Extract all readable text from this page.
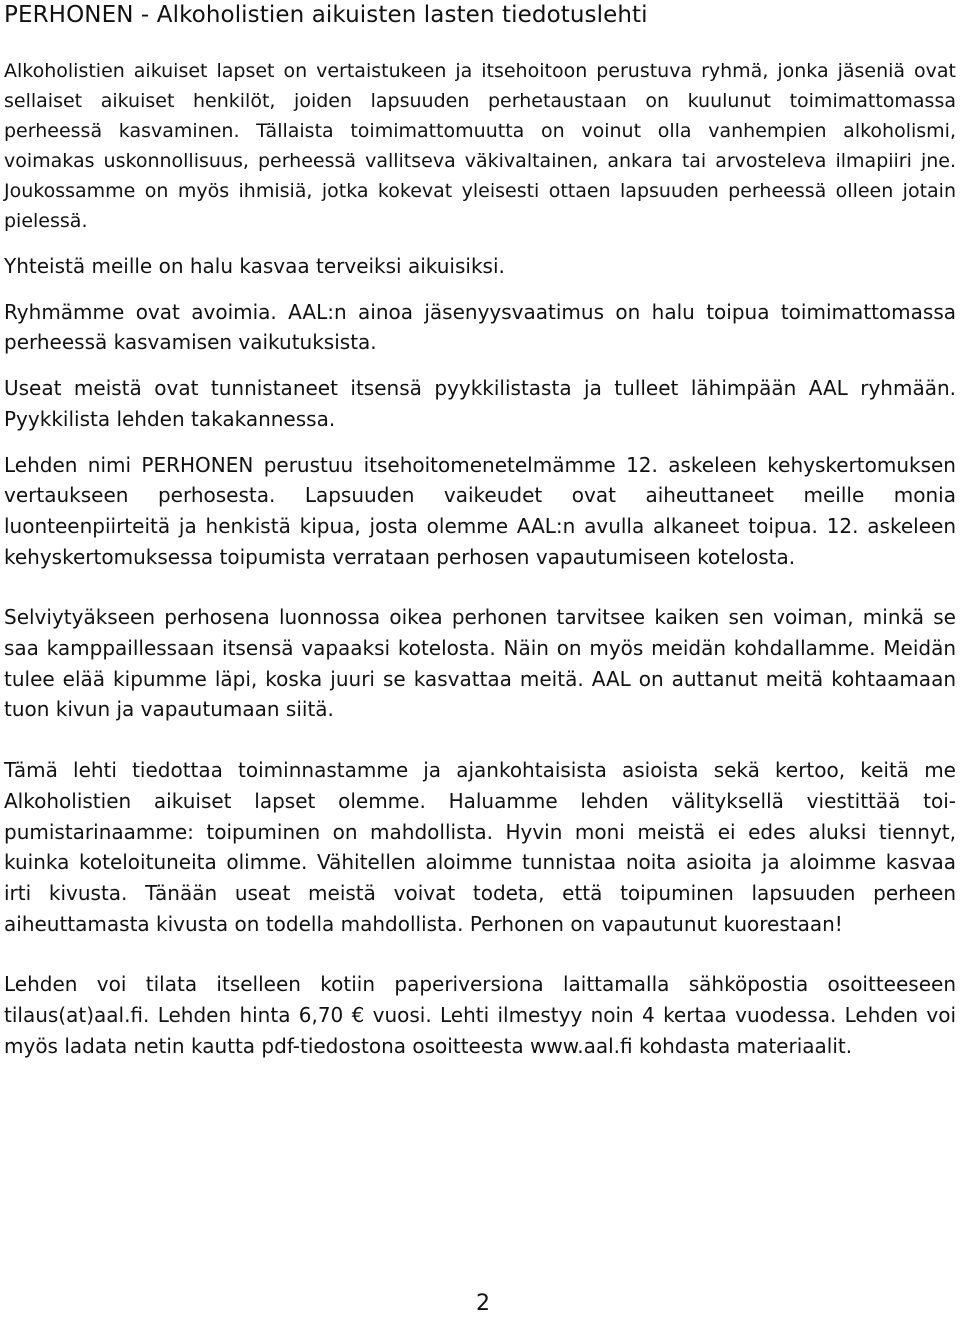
PERHONEN - Alkoholistien aikuisten lasten tiedotuslehti

Alkoholistien aikuiset lapset on vertaistukeen ja itsehoitoon perustuva ryhmä, jonka jäseniä ovat sellaiset aikuiset henkilöt, joiden lapsuuden perhetaustaan on kuulunut toimimattomassa perheessä kasvaminen. Tällaista toimimattomuutta on voinut olla vanhempien alkoholismi, voimakas uskonnollisuus, perheessä vallitseva väkivaltainen, ankara tai arvosteleva ilmapiiri jne. Joukossamme on myös ihmisiä, jotka kokevat yleisesti ottaen lapsuuden perheessä olleen jotain pielessä.

Yhteistä meille on halu kasvaa terveiksi aikuisiksi.

Ryhmämme ovat avoimia. AAL:n ainoa jäsenyysvaatimus on halu toipua toimimattomassa perheessä kasvamisen vaikutuksista.

Useat meistä ovat tunnistaneet itsensä pyykkilistasta ja tulleet lähimpään AAL ryhmään. Pyykkilista lehden takakannessa.

Lehden nimi PERHONEN perustuu itsehoitomenetelmämme 12. askeleen kehyskertomuksen vertaukseen perhosesta. Lapsuuden vaikeudet ovat aiheuttaneet meille monia luonteenpiirteitä ja henkistä kipua, josta olemme AAL:n avulla alkaneet toipua. 12. askeleen kehyskertomuksessa toipumista verrataan perhosen vapautumiseen kotelosta.

Selviytyäkseen perhosena luonnossa oikea perhonen tarvitsee kaiken sen voiman, minkä se saa kamppaillessaan itsensä vapaaksi kotelosta. Näin on myös meidän kohdallamme. Meidän tulee elää kipumme läpi, koska juuri se kasvattaa meitä. AAL on auttanut meitä kohtaamaan tuon kivun ja vapautumaan siitä.

Tämä lehti tiedottaa toiminnastamme ja ajankohtaisista asioista sekä kertoo, keitä me Alkoholistien aikuiset lapset olemme. Haluamme lehden välityksellä viestittää toipumistarinaamme: toipuminen on mahdollista. Hyvin moni meistä ei edes aluksi tiennyt, kuinka koteloituneita olimme. Vähitellen aloimme tunnistaa noita asioita ja aloimme kasvaa irti kivusta. Tänään useat meistä voivat todeta, että toipuminen lapsuuden perheen aiheuttamasta kivusta on todella mahdollista. Perhonen on vapautunut kuorestaan!

Lehden voi tilata itselleen kotiin paperiversiona laittamalla sähköpostia osoitteeseen tilaus(at)aal.fi. Lehden hinta 6,70 € vuosi. Lehti ilmestyy noin 4 kertaa vuodessa. Lehden voi myös ladata netin kautta pdf-tiedostona osoitteesta www.aal.fi kohdasta materiaalit.

2
